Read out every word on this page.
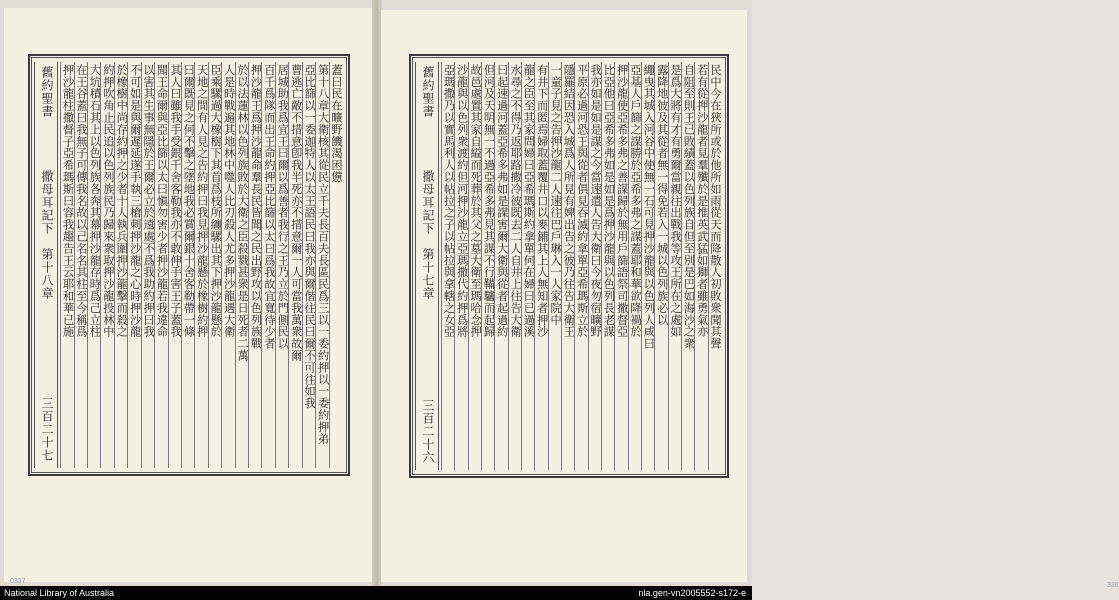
舊約聖書
撒母耳記下　第十八章
三百二十七
蓋曰民在曠野饑渴困憊
第十八章大衛核其從民立千夫長百夫長區民爲三以一委約押以一委約押弟
亞比篩以一委迦特人以太王語民曰我亦與爾偕往民曰爾不可往如我
曹逃亡敵不措意卽我半死亦不措意爾一人可當我萬衆故爾
居城助我爲宜王曰爾以爲善者我行之王乃立於門側民以
百千爲隊而出王命約押亞比篩以太曰爲我故宜寬待少者
押沙龍王爲押沙龍命羣長民皆聞之民出野攻以色列族戰
於以法蓮林以色列族敗於大衛之臣殺戮甚衆是日死者二萬
人是時戰遍其地林中噬人比刃殺人尤多押沙龍遇大衛
臣乘騾過大橡樹下其首爲枝所纏騾出其下押沙龍懸於
天地之間有人見之告約押曰我見押沙龍懸於橡樹約押
曰爾既見之何不擊之墜地我必賞爾銀十舍客勒帶一條
其人曰雖我手受銀千舍客勒我亦不敢伸手害王子蓋我
聞王命爾與亞比篩以太曰愼勿害少者押沙龍若我違命
以害其生事無隱於王爾必立於遠處不爲我助約押曰我
不可如是與爾遲延遂手執三槍刺押沙龍之心時押沙龍
於橡樹中尚存約押之少者十人執兵圍押沙龍擊而殺之
約押吹角止民追以色列族民乃歸來衆取押沙龍投林中
大坑積石其上以色列族各奔其幕押沙龍存時爲己立柱
在王谷蓋曰我無子可傳我名故以己名名其柱至今稱爲
押沙龍柱撒督子亞希瑪斯曰容我趨告王云耶和華已施
0337
舊約聖書
撒母耳記下　第十七章
三百二十六
民中今在狹所或於他所如雨從天而降散人初敗衆聞其聲
若有從押沙龍者見羣殲於是推英武猛如獅者雖勇氣亦
自阻至則王已敗績蓋以色列族自但至別是巴如海沙之衆
是爲大將有才有勇爾當親往出戰我等攻王所在之處如
露降地彼及其從者無一得免若入一城以色列族必以
繩曳其城入河谷中使無一石可見押沙龍與以色列人咸曰
亞基人戶篩之謀勝於亞希多弗之謀蓋耶和華欲降禍於
押沙龍使亞希多弗之善謀歸於無用戶篩語祭司撒督亞
比亞他曰亞希多弗如是如是爲押沙龍與以色列長老謀
我亦如是如是謀之今當速遣人告大衛曰今夜勿宿曠野
平原必過河恐王與從者俱見吞滅約拿單亞希瑪斯立於
隱羅結因恐入城爲人所見有婢出告之彼乃往告大衛王
一童子見之告押沙龍二人速往巴戶琳入一人家院中
有井下而匿焉婦取蓋覆井口以麥鋪其上人無知者押沙
龍之臣至其家問婦曰亞希瑪斯約拿單何在婦曰已過溪
水尋之不得乃返耶路撒冷彼既去二人自井上往告大衛
曰起速過河蓋亞希多弗如是謀害爾大衛與從者起過約
但河及天明無一不過亞希多弗見其謀不行鞴驢而起歸
故邑處置其家自縊而死葬於其父之墓大衛至瑪哈念押
沙龍與以色列衆渡約但河押沙龍立亞瑪撒代約押爲將
亞瑪撒乃以實馬利人以帖拉之子以帖拉與拿轄之女亞
336
National Library of Australia	nla.gen-vn2005552-s172-e
